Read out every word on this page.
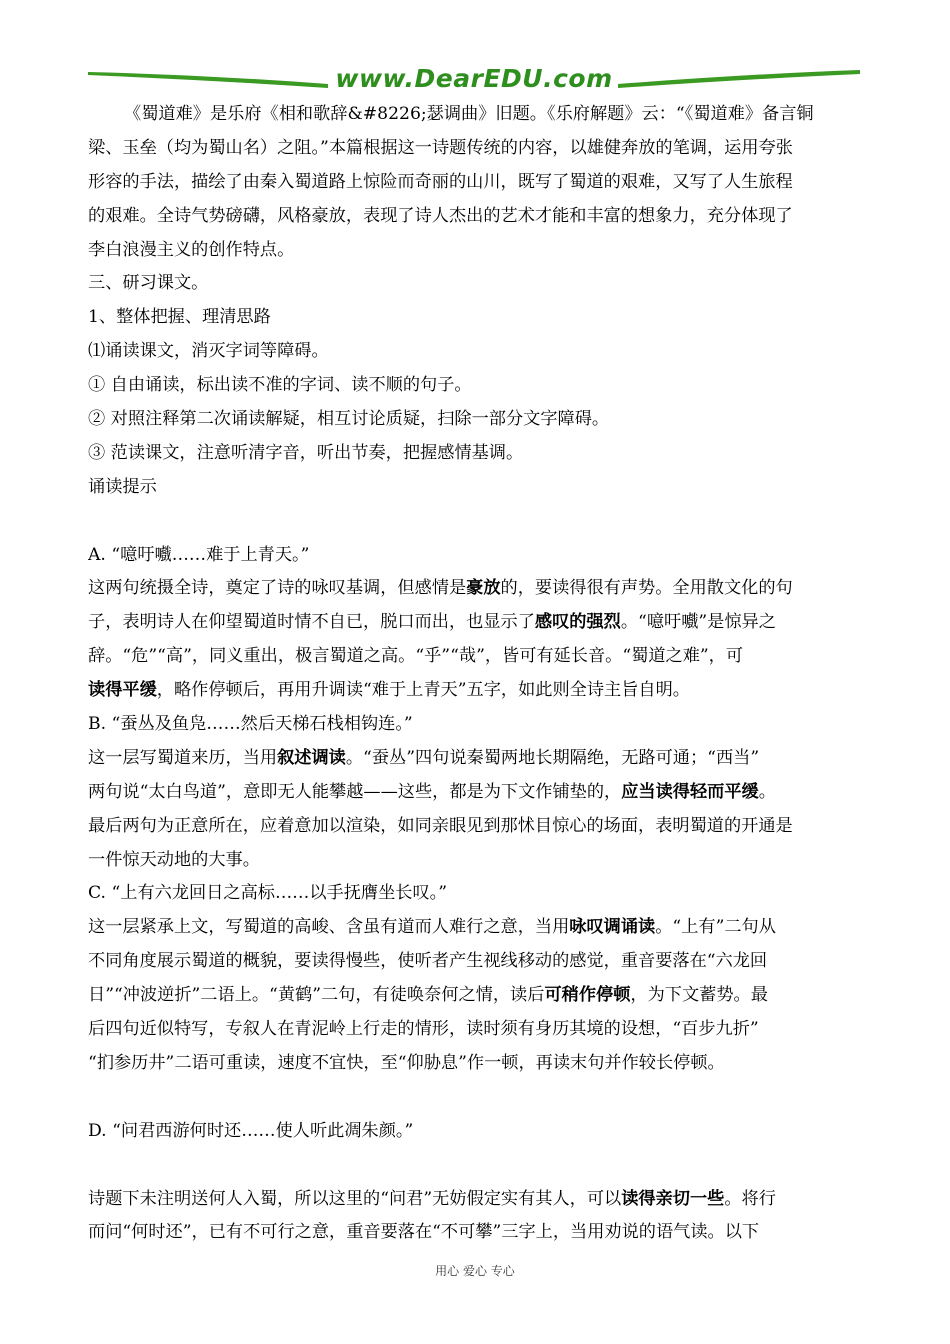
www.DearEDU.com
《蜀道难》是乐府《相和歌辞&#8226;瑟调曲》旧题。《乐府解题》云：“《蜀道难》备言铜
梁、玉垒（均为蜀山名）之阻。”本篇根据这一诗题传统的内容，以雄健奔放的笔调，运用夸张
形容的手法，描绘了由秦入蜀道路上惊险而奇丽的山川，既写了蜀道的艰难，又写了人生旅程
的艰难。全诗气势磅礴，风格豪放，表现了诗人杰出的艺术才能和丰富的想象力，充分体现了
李白浪漫主义的创作特点。
三、研习课文。
1、整体把握、理清思路
⑴诵读课文，消灭字词等障碍。
① 自由诵读，标出读不准的字词、读不顺的句子。
② 对照注释第二次诵读解疑，相互讨论质疑，扫除一部分文字障碍。
③ 范读课文，注意听清字音，听出节奏，把握感情基调。
诵读提示
A. “噫吁嚱……难于上青天。”
这两句统摄全诗，奠定了诗的咏叹基调，但感情是豪放的，要读得很有声势。全用散文化的句
子，表明诗人在仰望蜀道时情不自已，脱口而出，也显示了感叹的强烈。“噫吁嚱”是惊异之
辞。“危”“高”，同义重出，极言蜀道之高。“乎”“哉”，皆可有延长音。“蜀道之难”，可
读得平缓，略作停顿后，再用升调读“难于上青天”五字，如此则全诗主旨自明。
B. “蚕丛及鱼凫……然后天梯石栈相钩连。”
这一层写蜀道来历，当用叙述调读。“蚕丛”四句说秦蜀两地长期隔绝，无路可通；“西当”
两句说“太白鸟道”，意即无人能攀越——这些，都是为下文作铺垫的，应当读得轻而平缓。
最后两句为正意所在，应着意加以渲染，如同亲眼见到那怵目惊心的场面，表明蜀道的开通是
一件惊天动地的大事。
C. “上有六龙回日之高标……以手抚膺坐长叹。”
这一层紧承上文，写蜀道的高峻、含虽有道而人难行之意，当用咏叹调诵读。“上有”二句从
不同角度展示蜀道的概貌，要读得慢些，使听者产生视线移动的感觉，重音要落在“六龙回
日”“冲波逆折”二语上。“黄鹤”二句，有徒唤奈何之情，读后可稍作停顿，为下文蓄势。最
后四句近似特写，专叙人在青泥岭上行走的情形，读时须有身历其境的设想，“百步九折”
“扪参历井”二语可重读，速度不宜快，至“仰胁息”作一顿，再读末句并作较长停顿。
D. “问君西游何时还……使人听此凋朱颜。”
诗题下未注明送何人入蜀，所以这里的“问君”无妨假定实有其人，可以读得亲切一些。将行
而问“何时还”，已有不可行之意，重音要落在“不可攀”三字上，当用劝说的语气读。以下
用心 爱心 专心
